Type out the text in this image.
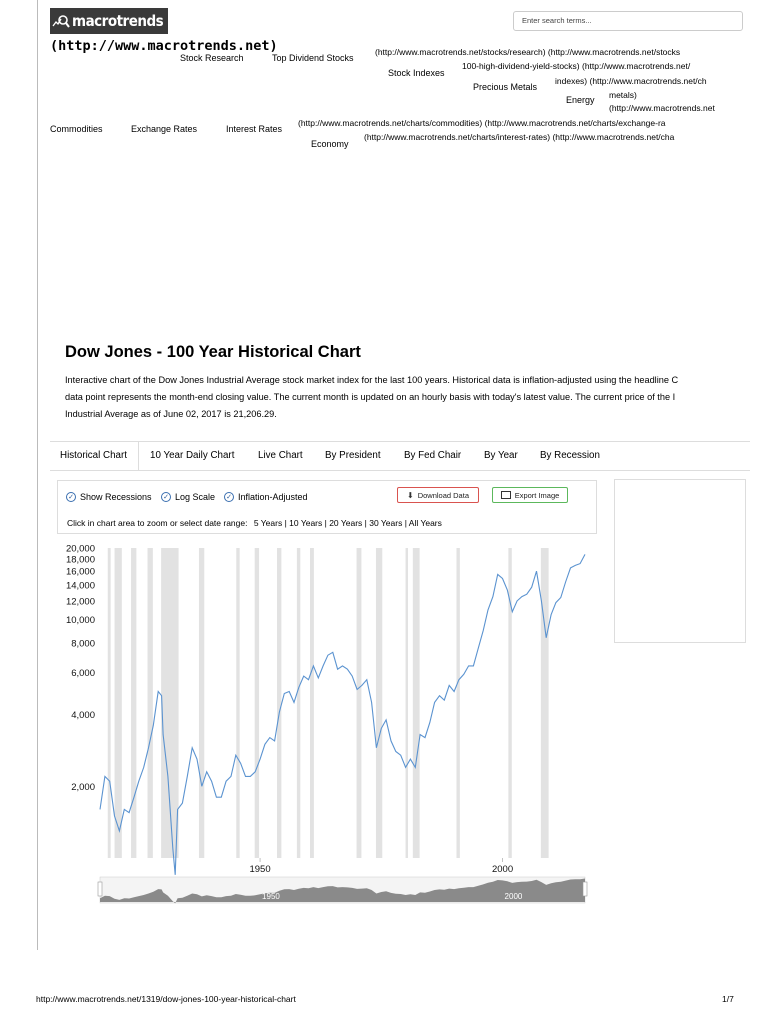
macrotrends	Enter search terms...
(http://www.macrotrends.net)
Stock Research	Top Dividend Stocks
(http://www.macrotrends.net/stocks/research) (http://www.macrotrends.net/stocks
Stock Indexes
100-high-dividend-yield-stocks) (http://www.macrotrends.net/
Precious Metals
indexes) (http://www.macrotrends.net/ch
metals)
Energy
(http://www.macrotrends.net
Commodities	Exchange Rates	Interest Rates
(http://www.macrotrends.net/charts/commodities) (http://www.macrotrends.net/charts/exchange-ra
Economy
(http://www.macrotrends.net/charts/interest-rates) (http://www.macrotrends.net/cha
Dow Jones - 100 Year Historical Chart
Interactive chart of the Dow Jones Industrial Average stock market index for the last 100 years. Historical data is inflation-adjusted using the headline C
data point represents the month-end closing value. The current month is updated on an hourly basis with today's latest value. The current price of the I
Industrial Average as of June 02, 2017 is 21,206.29.
Historical Chart 10 Year Daily Chart Live Chart By President By Fed Chair By Year By Recession
✓ Show Recessions ✓ Log Scale ✓ Inflation-Adjusted	⬇ Download Data	Export Image
Click in chart area to zoom or select date range: 5 Years | 10 Years | 20 Years | 30 Years | All Years
2,000
4,000
6,000
8,000
10,000
12,000
14,000
16,000
18,000
20,000
1950	2000
1950	2000
http://www.macrotrends.net/1319/dow-jones-100-year-historical-chart	1/7
